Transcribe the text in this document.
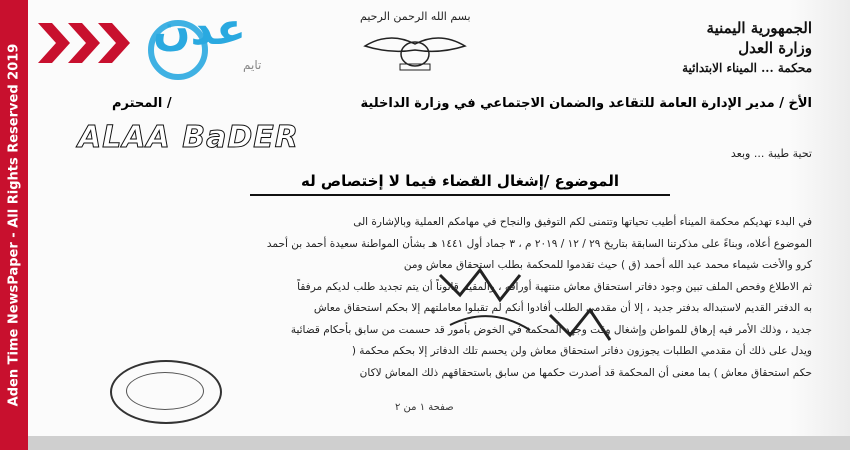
Aden Time NewsPaper - All Rights Reserved 2019
عدن
تايم
بسم الله الرحمن الرحيم
الجمهورية اليمنية
وزارة العدل
محكمة ... الميناء الابتدائية
الأخ / مدير الإدارة العامة للتقاعد والضمان الاجتماعي في وزارة الداخلية
/ المحترم
ALAA BaDER	تحية طيبة ... وبعد
الموضوع /إشغال القضاء فيما لا إختصاص له

في البدء تهديكم محكمة الميناء أطيب تحياتها وتتمنى لكم التوفيق والنجاح في مهامكم العملية وبالإشارة الى

الموضوع أعلاه، وبناءً على مذكرتنا السابقة بتاريخ ٢٩ / ١٢ / ٢٠١٩ م ، ٣ جماد أول ١٤٤١ هـ بشأن المواطنة سعيدة أحمد بن أحمد

كرو والأخت شيماء محمد عبد الله أحمد (ق ) حيث تقدموا للمحكمة بطلب استحقاق معاش ومن

ثم الاطلاع وفحص الملف تبين وجود دفاتر استحقاق معاش منتهية أوراقه ، والمقيم قانوناً أن يتم تجديد طلب لديكم مرفقاً

به الدفتر القديم لاستبداله بدفتر جديد ، إلا أن مقدمي الطلب أفادوا أنكم لم تقبلوا معاملتهم إلا بحكم استحقاق معاش

جديد ، وذلك الأمر فيه إرهاق للمواطن وإشغال وقت وجهد المحكمة في الخوض بأمور قد حسمت من سابق بأحكام قضائية

ويدل على ذلك أن مقدمي الطلبات يجوزون دفاتر استحقاق معاش ولن يحسم تلك الدفاتر إلا بحكم محكمة (

حكم استحقاق معاش ) بما معنى أن المحكمة قد أصدرت حكمها من سابق باستحقاقهم ذلك المعاش لاكان

صفحة ١ من ٢
